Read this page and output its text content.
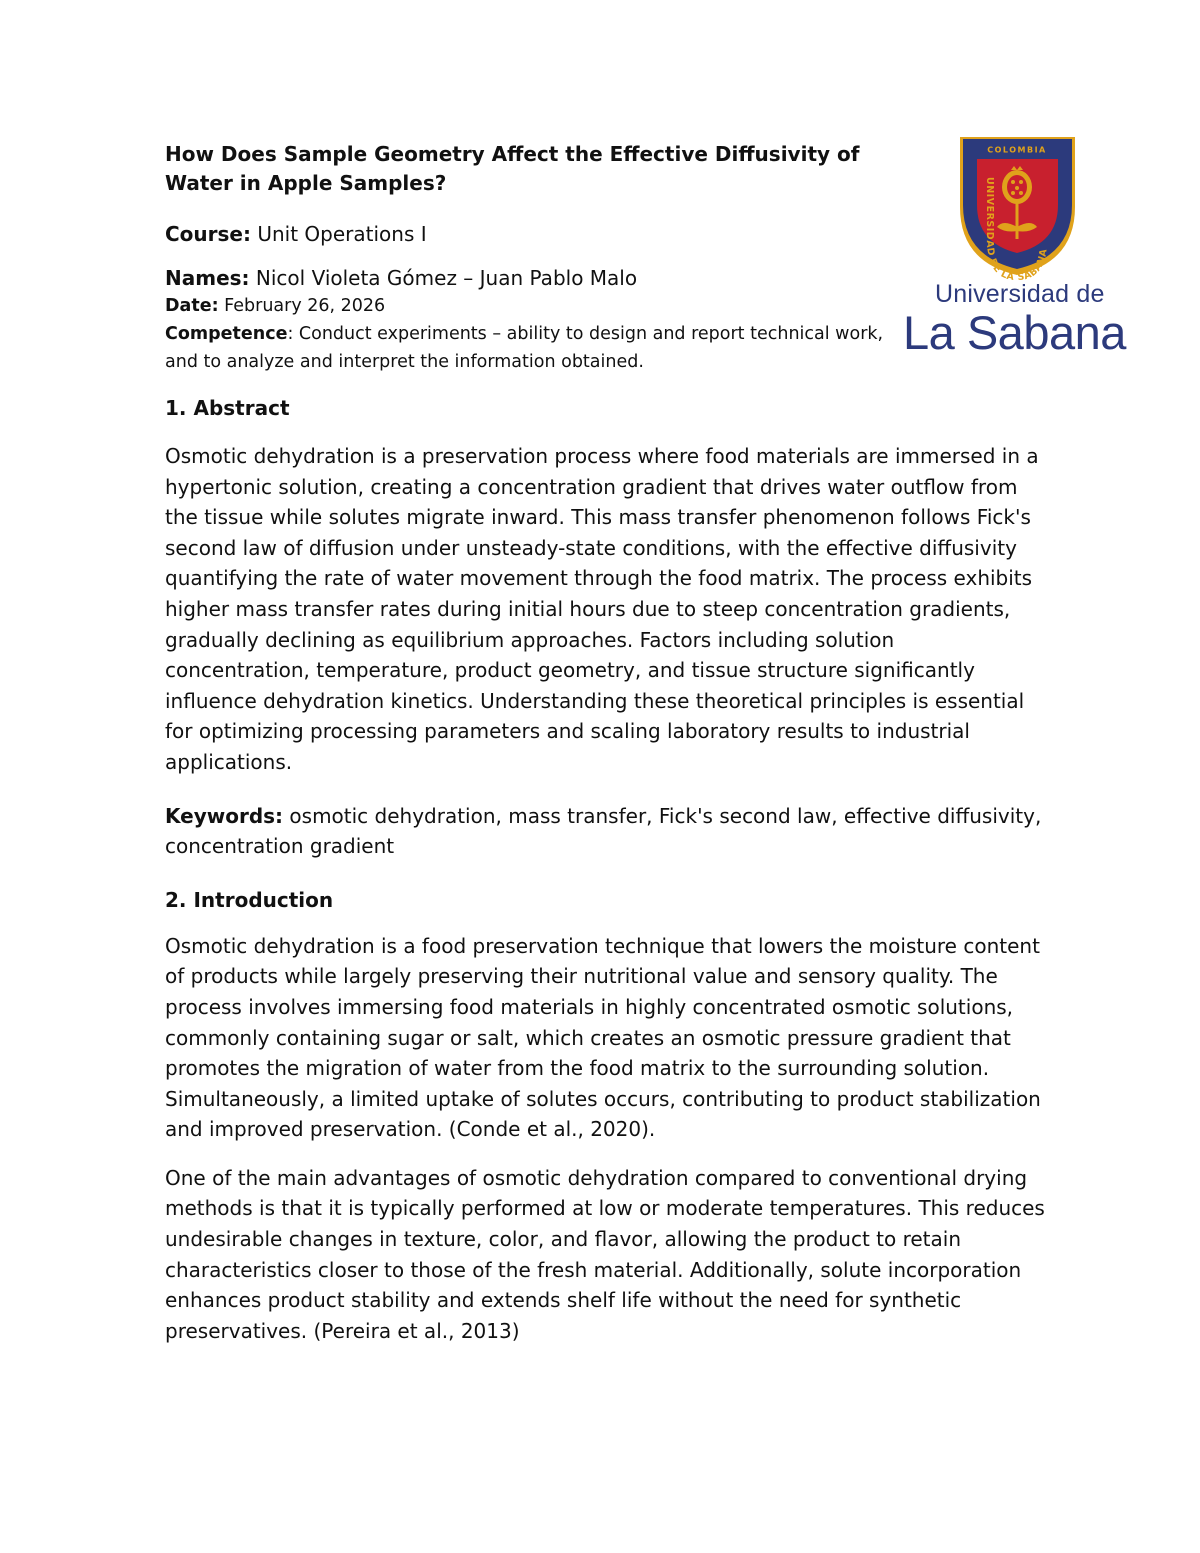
How Does Sample Geometry Affect the Effective Diffusivity of Water in Apple Samples?
Course: Unit Operations I
Names: Nicol Violeta Gómez – Juan Pablo Malo
Date: February 26, 2026
Competence: Conduct experiments – ability to design and report technical work, and to analyze and interpret the information obtained.
COLOMBIA
UNIVERSIDAD DE LA SABANA
Universidad de
La Sabana
1. Abstract

Osmotic dehydration is a preservation process where food materials are immersed in a hypertonic solution, creating a concentration gradient that drives water outflow from the tissue while solutes migrate inward. This mass transfer phenomenon follows Fick's second law of diffusion under unsteady-state conditions, with the effective diffusivity quantifying the rate of water movement through the food matrix. The process exhibits higher mass transfer rates during initial hours due to steep concentration gradients, gradually declining as equilibrium approaches. Factors including solution concentration, temperature, product geometry, and tissue structure significantly influence dehydration kinetics. Understanding these theoretical principles is essential for optimizing processing parameters and scaling laboratory results to industrial applications.

Keywords: osmotic dehydration, mass transfer, Fick's second law, effective diffusivity, concentration gradient

2. Introduction

Osmotic dehydration is a food preservation technique that lowers the moisture content of products while largely preserving their nutritional value and sensory quality. The process involves immersing food materials in highly concentrated osmotic solutions, commonly containing sugar or salt, which creates an osmotic pressure gradient that promotes the migration of water from the food matrix to the surrounding solution. Simultaneously, a limited uptake of solutes occurs, contributing to product stabilization and improved preservation. (Conde et al., 2020).

One of the main advantages of osmotic dehydration compared to conventional drying methods is that it is typically performed at low or moderate temperatures. This reduces undesirable changes in texture, color, and flavor, allowing the product to retain characteristics closer to those of the fresh material. Additionally, solute incorporation enhances product stability and extends shelf life without the need for synthetic preservatives. (Pereira et al., 2013)
